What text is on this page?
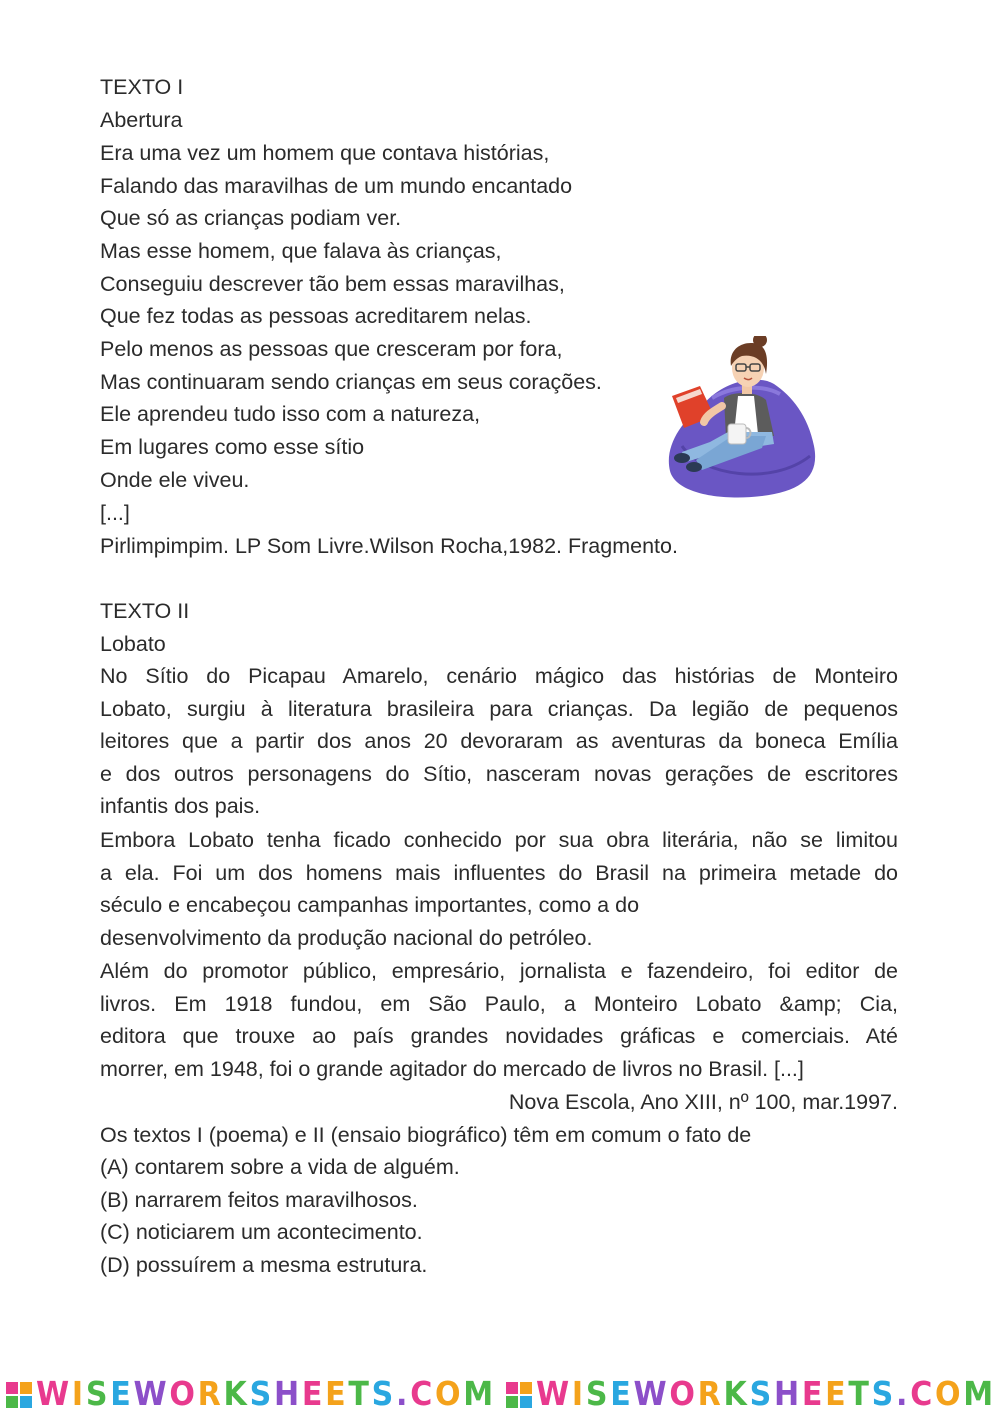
TEXTO I
Abertura
Era uma vez um homem que contava histórias,
Falando das maravilhas de um mundo encantado
Que só as crianças podiam ver.
Mas esse homem, que falava às crianças,
Conseguiu descrever tão bem essas maravilhas,
Que fez todas as pessoas acreditarem nelas.
Pelo menos as pessoas que cresceram por fora,
Mas continuaram sendo crianças em seus corações.
Ele aprendeu tudo isso com a natureza,
Em lugares como esse sítio
Onde ele viveu.
[...]
Pirlimpimpim. LP Som Livre.Wilson Rocha,1982. Fragmento.
TEXTO II
Lobato
No Sítio do Picapau Amarelo, cenário mágico das histórias de Monteiro
Lobato, surgiu à literatura brasileira para crianças. Da legião de pequenos
leitores que a partir dos anos 20 devoraram as aventuras da boneca Emília
e dos outros personagens do Sítio, nasceram novas gerações de escritores
infantis dos pais.
Embora Lobato tenha ficado conhecido por sua obra literária, não se limitou
a ela. Foi um dos homens mais influentes do Brasil na primeira metade do
século e encabeçou campanhas importantes, como a do
desenvolvimento da produção nacional do petróleo.
Além do promotor público, empresário, jornalista e fazendeiro, foi editor de
livros. Em 1918 fundou, em São Paulo, a Monteiro Lobato &amp; Cia,
editora que trouxe ao país grandes novidades gráficas e comerciais. Até
morrer, em 1948, foi o grande agitador do mercado de livros no Brasil. [...]
Nova Escola, Ano XIII, nº 100, mar.1997.
Os textos I (poema) e II (ensaio biográfico) têm em comum o fato de
(A) contarem sobre a vida de alguém.
(B) narrarem feitos maravilhosos.
(C) noticiarem um acontecimento.
(D) possuírem a mesma estrutura.
WISEWORKSHEETS.COM WISEWORKSHEETS.COM
